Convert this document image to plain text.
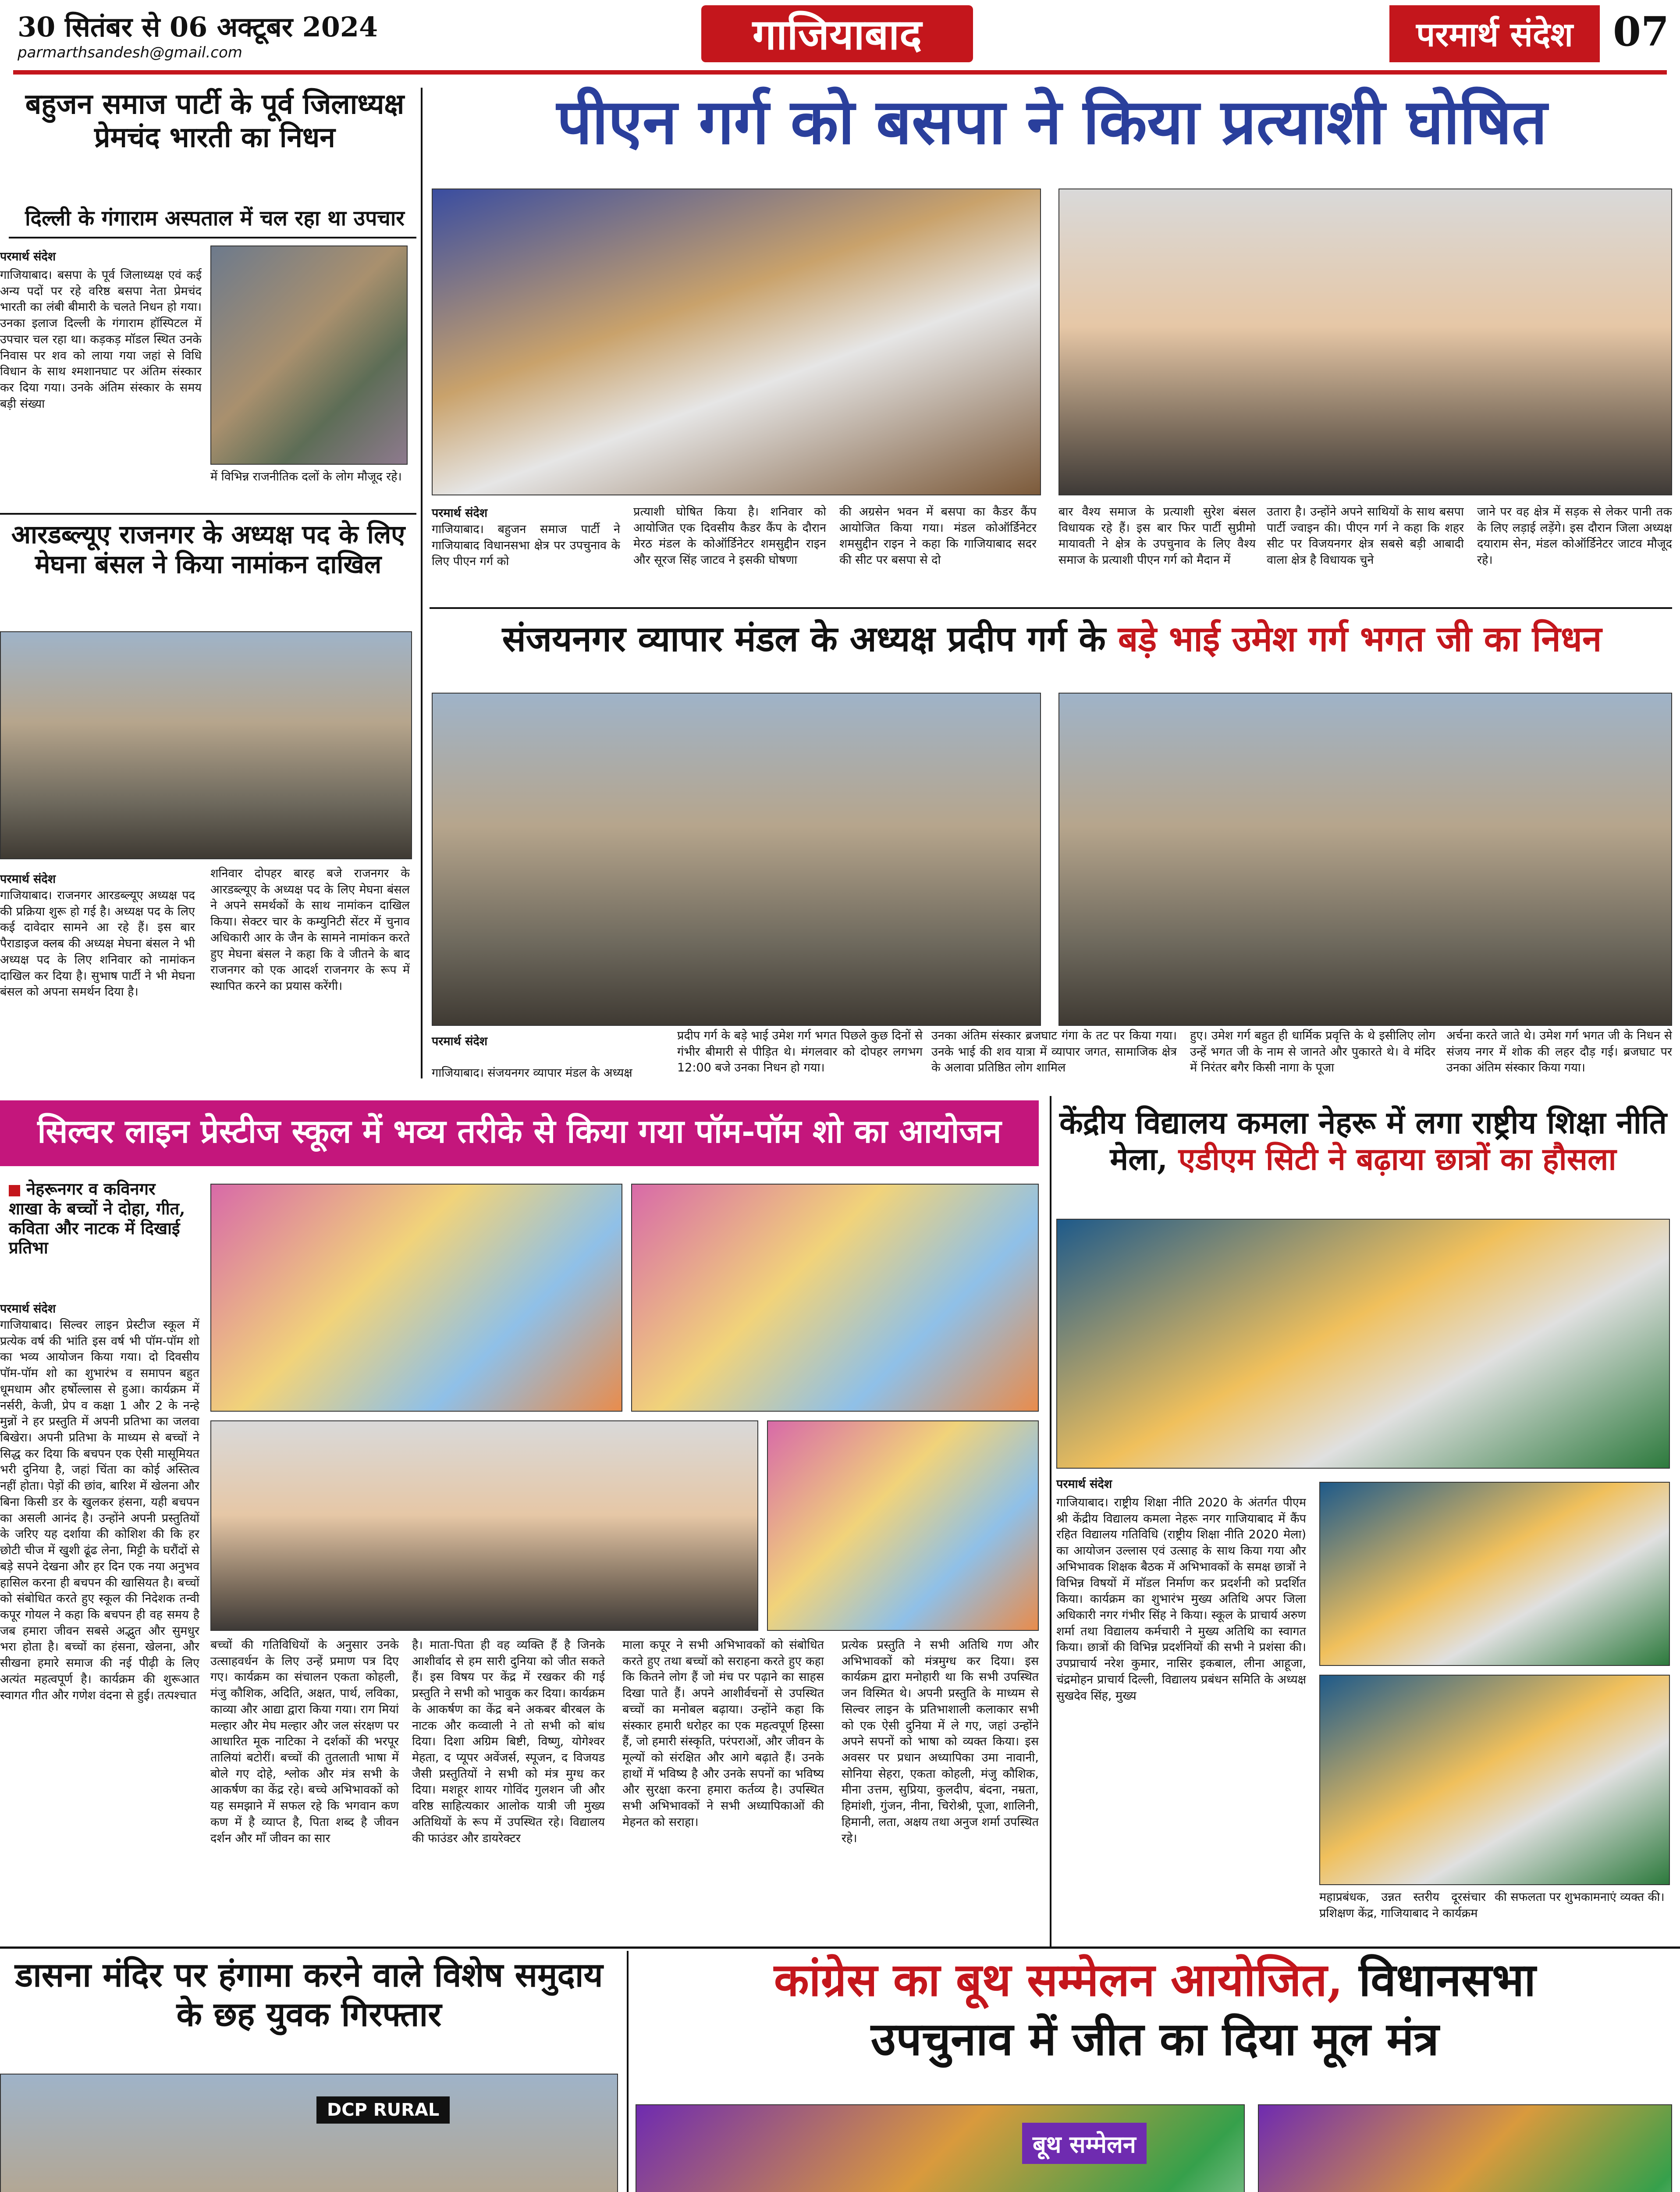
30 सितंबर से 06 अक्टूबर 2024
parmarthsandesh@gmail.com	गाजियाबाद	परमार्थ संदेश 07
बहुजन समाज पार्टी के पूर्व जिलाध्यक्ष प्रेमचंद भारती का निधन
दिल्ली के गंगाराम अस्पताल में चल रहा था उपचार
परमार्थ संदेश
गाजियाबाद। बसपा के पूर्व जिलाध्यक्ष एवं कई अन्य पदों पर रहे वरिष्ठ बसपा नेता प्रेमचंद भारती का लंबी बीमारी के चलते निधन हो गया। उनका इलाज दिल्ली के गंगाराम हॉस्पिटल में उपचार चल रहा था। कड़कड़ मॉडल स्थित उनके निवास पर शव को लाया गया जहां से विधि विधान के साथ श्मशानघाट पर अंतिम संस्कार कर दिया गया। उनके अंतिम संस्कार के समय बड़ी संख्या
में विभिन्न राजनीतिक दलों के लोग मौजूद रहे।
आरडब्ल्यूए राजनगर के अध्यक्ष पद के लिए मेघना बंसल ने किया नामांकन दाखिल
परमार्थ संदेश
गाजियाबाद। राजनगर आरडब्ल्यूए अध्यक्ष पद की प्रक्रिया शुरू हो गई है। अध्यक्ष पद के लिए कई दावेदार सामने आ रहे हैं। इस बार पैराडाइज क्लब की अध्यक्ष मेघना बंसल ने भी अध्यक्ष पद के लिए शनिवार को नामांकन दाखिल कर दिया है। सुभाष पार्टी ने भी मेघना बंसल को अपना समर्थन दिया है।
शनिवार दोपहर बारह बजे राजनगर के आरडब्ल्यूए के अध्यक्ष पद के लिए मेघना बंसल ने अपने समर्थकों के साथ नामांकन दाखिल किया। सेक्टर चार के कम्युनिटी सेंटर में चुनाव अधिकारी आर के जैन के सामने नामांकन करते हुए मेघना बंसल ने कहा कि वे जीतने के बाद राजनगर को एक आदर्श राजनगर के रूप में स्थापित करने का प्रयास करेंगी।
पीएन गर्ग को बसपा ने किया प्रत्याशी घोषित
परमार्थ संदेश
गाजियाबाद। बहुजन समाज पार्टी ने गाजियाबाद विधानसभा क्षेत्र पर उपचुनाव के लिए पीएन गर्ग को
प्रत्याशी घोषित किया है। शनिवार को आयोजित एक दिवसीय कैडर कैंप के दौरान मेरठ मंडल के कोऑर्डिनेटर शमसुद्दीन राइन और सूरज सिंह जाटव ने इसकी घोषणा
की अग्रसेन भवन में बसपा का कैडर कैंप आयोजित किया गया। मंडल कोऑर्डिनेटर शमसुद्दीन राइन ने कहा कि गाजियाबाद सदर की सीट पर बसपा से दो
बार वैश्य समाज के प्रत्याशी सुरेश बंसल विधायक रहे हैं। इस बार फिर पार्टी सुप्रीमो मायावती ने क्षेत्र के उपचुनाव के लिए वैश्य समाज के प्रत्याशी पीएन गर्ग को मैदान में
उतारा है। उन्होंने अपने साथियों के साथ बसपा पार्टी ज्वाइन की। पीएन गर्ग ने कहा कि शहर सीट पर विजयनगर क्षेत्र सबसे बड़ी आबादी वाला क्षेत्र है विधायक चुने
जाने पर वह क्षेत्र में सड़क से लेकर पानी तक के लिए लड़ाई लड़ेंगे। इस दौरान जिला अध्यक्ष दयाराम सेन, मंडल कोऑर्डिनेटर जाटव मौजूद रहे।
संजयनगर व्यापार मंडल के अध्यक्ष प्रदीप गर्ग के बड़े भाई उमेश गर्ग भगत जी का निधन
परमार्थ संदेश
गाजियाबाद। संजयनगर व्यापार मंडल के अध्यक्ष
प्रदीप गर्ग के बड़े भाई उमेश गर्ग भगत पिछले कुछ दिनों से गंभीर बीमारी से पीड़ित थे। मंगलवार को दोपहर लगभग 12:00 बजे उनका निधन हो गया।
उनका अंतिम संस्कार ब्रजघाट गंगा के तट पर किया गया। उनके भाई की शव यात्रा में व्यापार जगत, सामाजिक क्षेत्र के अलावा प्रतिष्ठित लोग शामिल
हुए। उमेश गर्ग बहुत ही धार्मिक प्रवृत्ति के थे इसीलिए लोग उन्हें भगत जी के नाम से जानते और पुकारते थे। वे मंदिर में निरंतर बगैर किसी नागा के पूजा
अर्चना करते जाते थे। उमेश गर्ग भगत जी के निधन से संजय नगर में शोक की लहर दौड़ गई। ब्रजघाट पर उनका अंतिम संस्कार किया गया।
सिल्वर लाइन प्रेस्टीज स्कूल में भव्य तरीके से किया गया पॉम-पॉम शो का आयोजन
नेहरूनगर व कविनगर शाखा के बच्चों ने दोहा, गीत, कविता और नाटक में दिखाई प्रतिभा
परमार्थ संदेश
गाजियाबाद। सिल्वर लाइन प्रेस्टीज स्कूल में प्रत्येक वर्ष की भांति इस वर्ष भी पॉम-पॉम शो का भव्य आयोजन किया गया। दो दिवसीय पॉम-पॉम शो का शुभारंभ व समापन बहुत धूमधाम और हर्षोल्लास से हुआ। कार्यक्रम में नर्सरी, केजी, प्रेप व कक्षा 1 और 2 के नन्हे मुन्नों ने हर प्रस्तुति में अपनी प्रतिभा का जलवा बिखेरा। अपनी प्रतिभा के माध्यम से बच्चों ने सिद्ध कर दिया कि बचपन एक ऐसी मासूमियत भरी दुनिया है, जहां चिंता का कोई अस्तित्व नहीं होता। पेड़ों की छांव, बारिश में खेलना और बिना किसी डर के खुलकर हंसना, यही बचपन का असली आनंद है। उन्होंने अपनी प्रस्तुतियों के जरिए यह दर्शाया की कोशिश की कि हर छोटी चीज में खुशी ढूंढ लेना, मिट्टी के घरौंदों से बड़े सपने देखना और हर दिन एक नया अनुभव हासिल करना ही बचपन की खासियत है। बच्चों को संबोधित करते हुए स्कूल की निदेशक तन्वी कपूर गोयल ने कहा कि बचपन ही वह समय है जब हमारा जीवन सबसे अद्भुत और सुमधुर भरा होता है। बच्चों का हंसना, खेलना, और सीखना हमारे समाज की नई पीढ़ी के लिए अत्यंत महत्वपूर्ण है। कार्यक्रम की शुरूआत स्वागत गीत और गणेश वंदना से हुई। तत्पश्चात
बच्चों की गतिविधियों के अनुसार उनके उत्साहवर्धन के लिए उन्हें प्रमाण पत्र दिए गए। कार्यक्रम का संचालन एकता कोहली, मंजु कौशिक, अदिति, अक्षत, पार्थ, लविका, काव्या और आद्या द्वारा किया गया। राग मियां मल्हार और मेघ मल्हार और जल संरक्षण पर आधारित मूक नाटिका ने दर्शकों की भरपूर तालियां बटोरीं। बच्चों की तुतलाती भाषा में बोले गए दोहे, श्लोक और मंत्र सभी के आकर्षण का केंद्र रहे। बच्चे अभिभावकों को यह समझाने में सफल रहे कि भगवान कण कण में है व्याप्त है, पिता शब्द है जीवन दर्शन और माँ जीवन का सार
है। माता-पिता ही वह व्यक्ति हैं है जिनके आशीर्वाद से हम सारी दुनिया को जीत सकते हैं। इस विषय पर केंद्र में रखकर की गई प्रस्तुति ने सभी को भावुक कर दिया। कार्यक्रम के आकर्षण का केंद्र बने अकबर बीरबल के नाटक और कव्वाली ने तो सभी को बांध दिया। दिशा अग्रिम बिष्टी, विष्णु, योगेश्वर मेहता, द प्यूपर अवेंजर्स, स्पूजन, द विजयड जैसी प्रस्तुतियों ने सभी को मंत्र मुग्ध कर दिया। मशहूर शायर गोविंद गुलशन जी और वरिष्ठ साहित्यकार आलोक यात्री जी मुख्य अतिथियों के रूप में उपस्थित रहे। विद्यालय की फाउंडर और डायरेक्टर
माला कपूर ने सभी अभिभावकों को संबोधित करते हुए तथा बच्चों को सराहना करते हुए कहा कि कितने लोग हैं जो मंच पर पढ़ाने का साहस दिखा पाते हैं। अपने आशीर्वचनों से उपस्थित बच्चों का मनोबल बढ़ाया। उन्होंने कहा कि संस्कार हमारी धरोहर का एक महत्वपूर्ण हिस्सा हैं, जो हमारी संस्कृति, परंपराओं, और जीवन के मूल्यों को संरक्षित और आगे बढ़ाते हैं। उनके हाथों में भविष्य है और उनके सपनों का भविष्य और सुरक्षा करना हमारा कर्तव्य है। उपस्थित सभी अभिभावकों ने सभी अध्यापिकाओं की मेहनत को सराहा।
प्रत्येक प्रस्तुति ने सभी अतिथि गण और अभिभावकों को मंत्रमुग्ध कर दिया। इस कार्यक्रम द्वारा मनोहारी था कि सभी उपस्थित जन विस्मित थे। अपनी प्रस्तुति के माध्यम से सिल्वर लाइन के प्रतिभाशाली कलाकार सभी को एक ऐसी दुनिया में ले गए, जहां उन्होंने अपने सपनों को भाषा को व्यक्त किया। इस अवसर पर प्रधान अध्यापिका उमा नावानी, सोनिया सेहरा, एकता कोहली, मंजु कौशिक, मीना उत्तम, सुप्रिया, कुलदीप, बंदना, नम्रता, हिमांशी, गुंजन, नीना, चिरोश्री, पूजा, शालिनी, हिमानी, लता, अक्षय तथा अनुज शर्मा उपस्थित रहे।
केंद्रीय विद्यालय कमला नेहरू में लगा राष्ट्रीय शिक्षा नीति मेला, एडीएम सिटी ने बढ़ाया छात्रों का हौसला
परमार्थ संदेश
गाजियाबाद। राष्ट्रीय शिक्षा नीति 2020 के अंतर्गत पीएम श्री केंद्रीय विद्यालय कमला नेहरू नगर गाजियाबाद में कैंप रहित विद्यालय गतिविधि (राष्ट्रीय शिक्षा नीति 2020 मेला) का आयोजन उल्लास एवं उत्साह के साथ किया गया और अभिभावक शिक्षक बैठक में अभिभावकों के समक्ष छात्रों ने विभिन्न विषयों में मॉडल निर्माण कर प्रदर्शनी को प्रदर्शित किया। कार्यक्रम का शुभारंभ मुख्य अतिथि अपर जिला अधिकारी नगर गंभीर सिंह ने किया। स्कूल के प्राचार्य अरुण शर्मा तथा विद्यालय कर्मचारी ने मुख्य अतिथि का स्वागत किया। छात्रों की विभिन्न प्रदर्शनियों की सभी ने प्रशंसा की। उपप्राचार्य नरेश कुमार, नासिर इकबाल, लीना आहूजा, चंद्रमोहन प्राचार्य दिल्ली, विद्यालय प्रबंधन समिति के अध्यक्ष सुखदेव सिंह, मुख्य
महाप्रबंधक, उन्नत स्तरीय दूरसंचार प्रशिक्षण केंद्र, गाजियाबाद ने कार्यक्रम
की सफलता पर शुभकामनाएं व्यक्त की।
डासना मंदिर पर हंगामा करने वाले विशेष समुदाय के छह युवक गिरफ्तार
DCP RURAL
कांग्रेस का बूथ सम्मेलन आयोजित, विधानसभा
उपचुनाव में जीत का दिया मूल मंत्र
बूथ सम्मेलन
